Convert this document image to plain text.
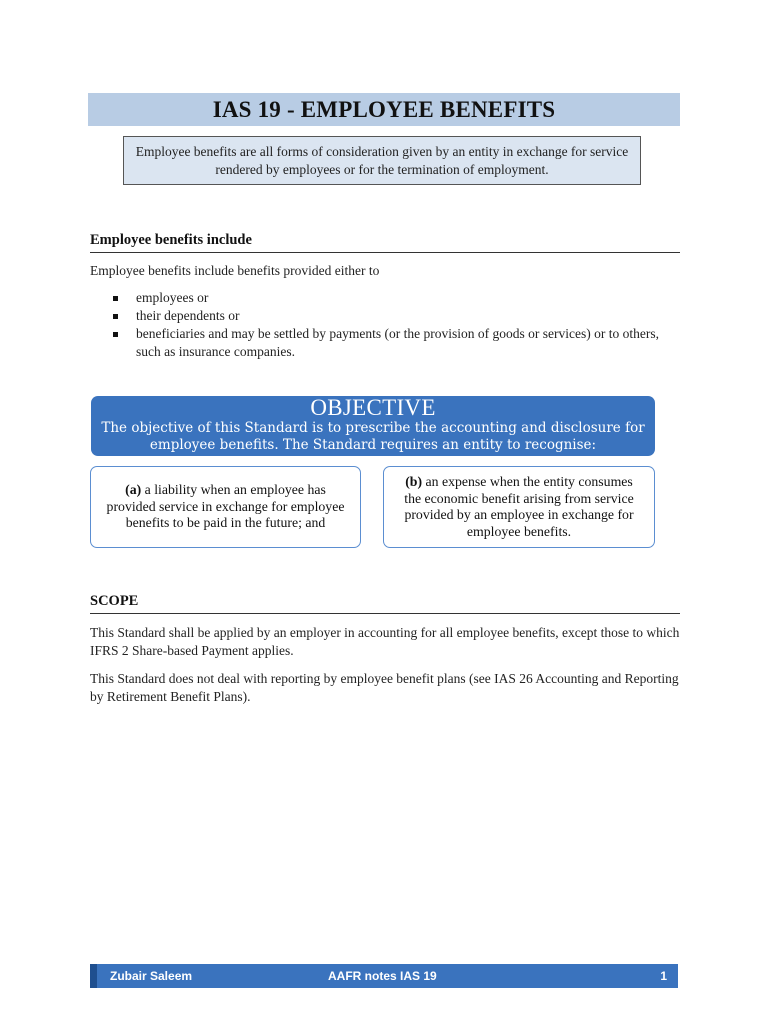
IAS 19 - EMPLOYEE BENEFITS
Employee benefits are all forms of consideration given by an entity in exchange for service rendered by employees or for the termination of employment.
Employee benefits include
Employee benefits include benefits provided either to
employees or
their dependents or
beneficiaries and may be settled by payments (or the provision of goods or services) or to others, such as insurance companies.
OBJECTIVE
The objective of this Standard is to prescribe the accounting and disclosure for employee benefits. The Standard requires an entity to recognise:
(a) a liability when an employee has provided service in exchange for employee benefits to be paid in the future; and
(b) an expense when the entity consumes the economic benefit arising from service provided by an employee in exchange for employee benefits.
SCOPE
This Standard shall be applied by an employer in accounting for all employee benefits, except those to which IFRS 2 Share-based Payment applies.
This Standard does not deal with reporting by employee benefit plans (see IAS 26 Accounting and Reporting by Retirement Benefit Plans).
Zubair Saleem	AAFR notes IAS 19	1
